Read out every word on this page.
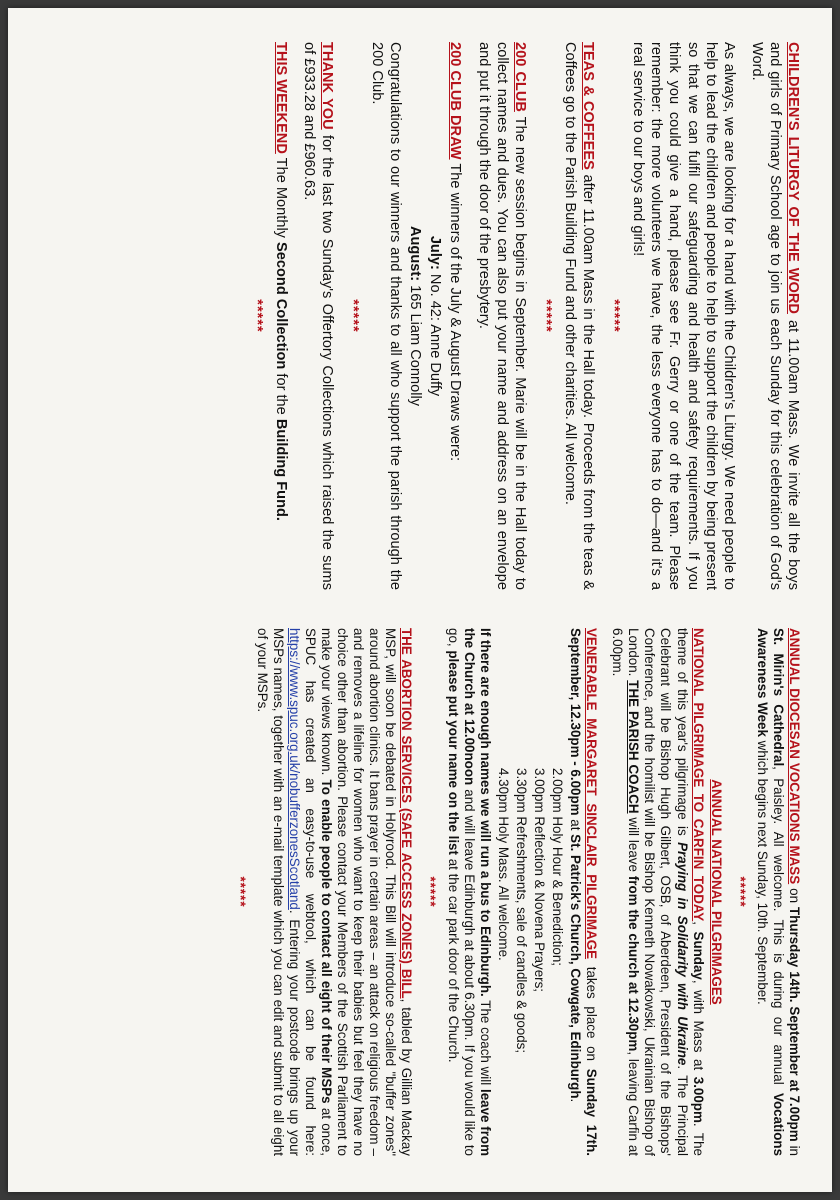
CHILDREN'S LITURGY OF THE WORD at 11.00am Mass. We invite all the boys and girls of Primary School age to join us each Sunday for this celebration of God's Word.

As always, we are looking for a hand with the Children's Liturgy. We need people to help to lead the children and people to help to support the children by being present so that we can fulfil our safeguarding and health and safety requirements. If you think you could give a hand, please see Fr. Gerry or one of the team. Please remember: the more volunteers we have, the less everyone has to do—and it's a real service to our boys and girls!

*****

TEAS & COFFEES after 11.00am Mass in the Hall today. Proceeds from the teas & Coffees go to the Parish Building Fund and other charities. All welcome.

*****

200 CLUB The new session begins in September. Marie will be in the Hall today to collect names and dues. You can also put your name and address on an envelope and put it through the door of the presbytery.

200 CLUB DRAW The winners of the July & August Draws were:

July: No. 42: Anne Duffy

August: 165 Liam Connolly

Congratulations to our winners and thanks to all who support the parish through the 200 Club.

*****

THANK YOU for the last two Sunday's Offertory Collections which raised the sums of £933.28 and £960.63.

THIS WEEKEND The Monthly Second Collection for the Building Fund.

*****

ANNUAL DIOCESAN VOCATIONS MASS on Thursday 14th. September at 7.00pm in St. Mirin's Cathedral, Paisley. All welcome. This is during our annual Vocations Awareness Week which begins next Sunday, 10th. September.

*****

ANNUAL NATIONAL PILGRIMAGES

NATIONAL PILGRIMAGE TO CARFIN TODAY, Sunday, with Mass at 3.00pm. The theme of this year's pilgrimage is Praying in Solidarity with Ukraine. The Principal Celebrant will be Bishop Hugh Gilbert, OSB, of Aberdeen, President of the Bishops' Conference, and the homilist will be Bishop Kenneth Nowakowski, Ukrainian Bishop of London. THE PARISH COACH will leave from the church at 12.30pm, leaving Carfin at 6.00pm.

VENERABLE MARGARET SINCLAIR PILGRIMAGE takes place on Sunday 17th. September, 12.30pm - 6.00pm at St. Patrick's Church, Cowgate, Edinburgh.

2.00pm Holy Hour & Benediction;

3.00pm Reflection & Novena Prayers;

3.30pm Refreshments, sale of candles & goods;

4.30pm Holy Mass. All welcome.

If there are enough names we will run a bus to Edinburgh. The coach will leave from the Church at 12.00noon and will leave Edinburgh at about 6.30pm. If you would like to go, please put your name on the list at the car park door of the Church.

*****

THE ABORTION SERVICES (SAFE ACCESS ZONES) BILL, tabled by Gillian Mackay MSP, will soon be debated in Holyrood. This Bill will introduce so-called "buffer zones" around abortion clinics. It bans prayer in certain areas – an attack on religious freedom – and removes a lifeline for women who want to keep their babies but feel they have no choice other than abortion. Please contact your Members of the Scottish Parliament to make your views known. To enable people to contact all eight of their MSPs at once, SPUC has created an easy-to-use webtool, which can be found here: https://www.spuc.org.uk/nobufferzonesScotland. Entering your postcode brings up your MSPs names, together with an e-mail template which you can edit and submit to all eight of your MSPs.

*****
